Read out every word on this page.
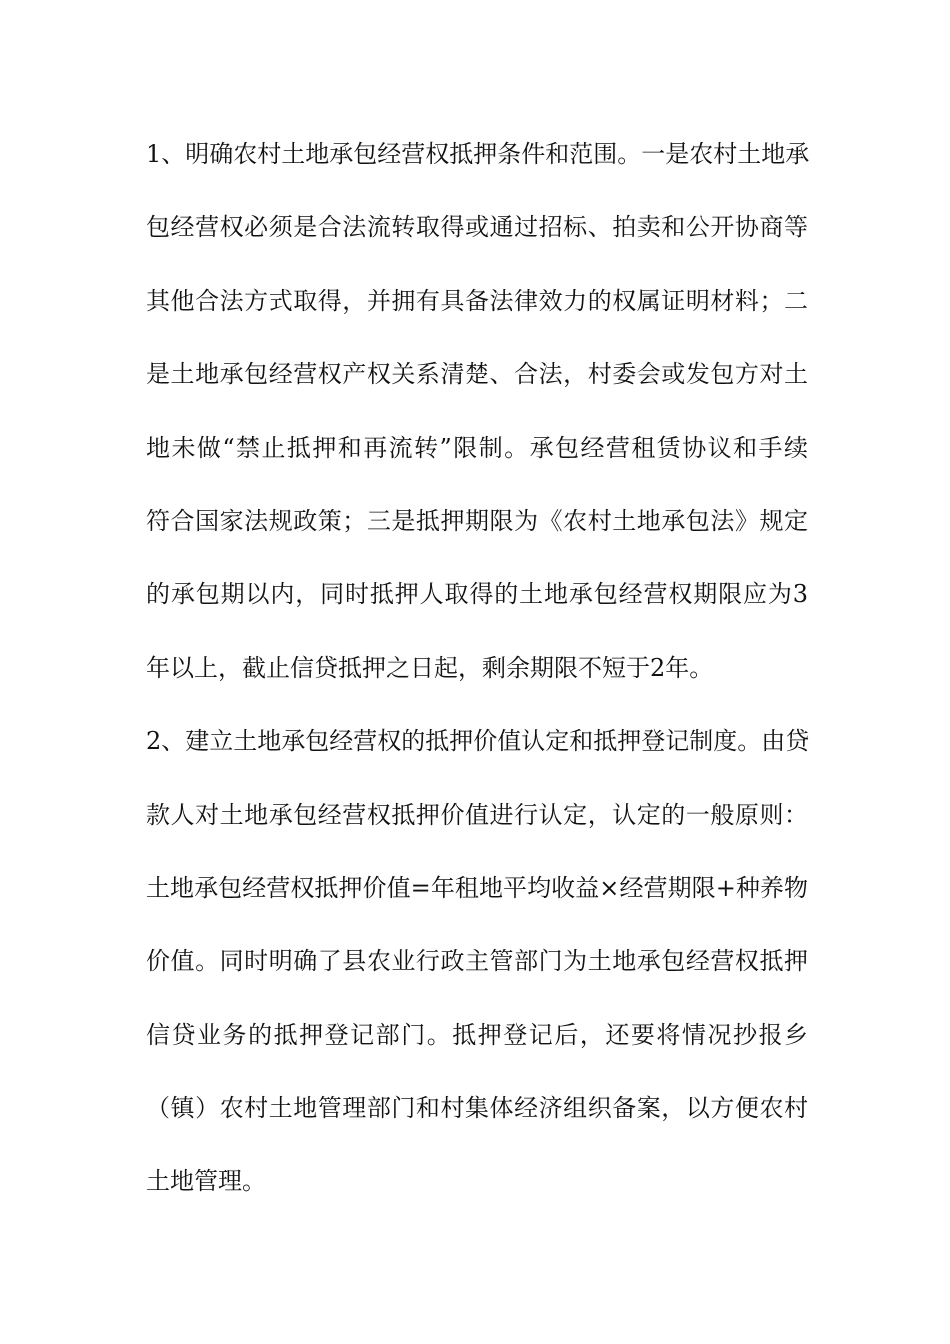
1、明确农村土地承包经营权抵押条件和范围。一是农村土地承
包经营权必须是合法流转取得或通过招标、拍卖和公开协商等
其他合法方式取得，并拥有具备法律效力的权属证明材料；二
是土地承包经营权产权关系清楚、合法，村委会或发包方对土
地未做“禁止抵押和再流转”限制。承包经营租赁协议和手续
符合国家法规政策；三是抵押期限为《农村土地承包法》规定
的承包期以内，同时抵押人取得的土地承包经营权期限应为3
年以上，截止信贷抵押之日起，剩余期限不短于2年。
2、建立土地承包经营权的抵押价值认定和抵押登记制度。由贷
款人对土地承包经营权抵押价值进行认定，认定的一般原则：
土地承包经营权抵押价值=年租地平均收益×经营期限+种养物
价值。同时明确了县农业行政主管部门为土地承包经营权抵押
信贷业务的抵押登记部门。抵押登记后，还要将情况抄报乡
（镇）农村土地管理部门和村集体经济组织备案，以方便农村
土地管理。
